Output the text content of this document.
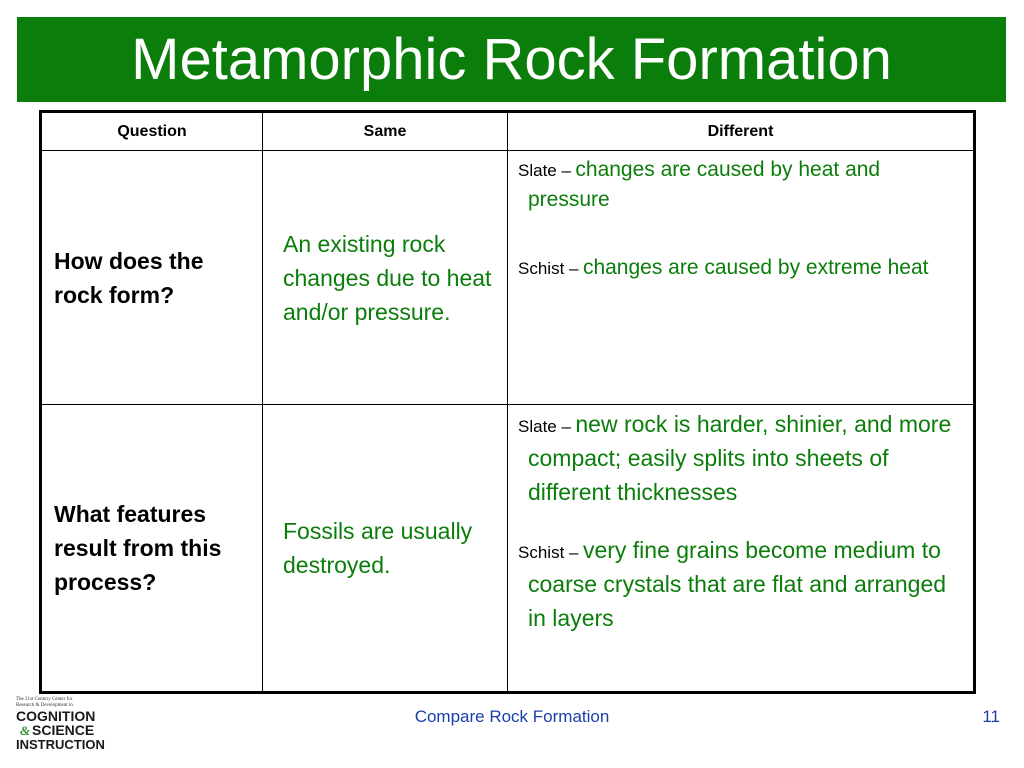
Metamorphic Rock Formation
Question	Same	Different
How does the rock form?	An existing rock changes due to heat and/or pressure.	Slate – changes are caused by heat and pressure
Schist – changes are caused by extreme heat

What features result from this process?	Fossils are usually destroyed.	Slate – new rock is harder, shinier, and more compact; easily splits into sheets of different thicknesses
Schist – very fine grains become medium to coarse crystals that are flat and arranged in layers
The 21st Century Center for
Research & Development in
COGNITION
& SCIENCE
INSTRUCTION
Compare Rock Formation	11
